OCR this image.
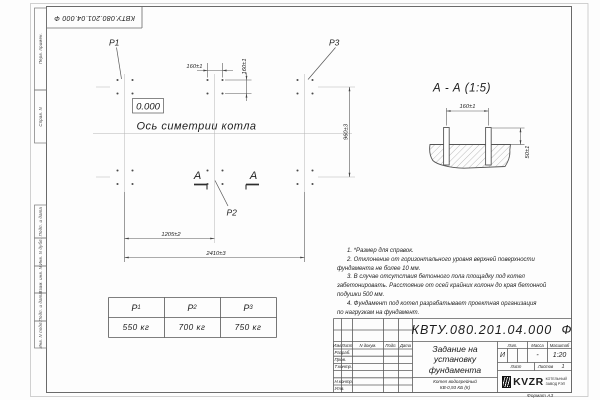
P1	P3
P2
0.000
Ось симетрии котла
А	А
160±1	160±1
960±3
1205±2
2410±3
А - А (1:5)
160±1
50±1
КВТУ.080.201.04.000 Ф
Перв. примен.
Справ. N
Подп. и дата
Инв. N дубл.
Взам. инв. N
Подп. и дата
Инв. N подл.
1. *Размер для справок.
2. Отклонение от горизонтального уровня верхней поверхности
фундамента не более 10 мм.
3. В случае отсутствия бетонного пола площадку под котел
забетонировать. Расстояние от осей крайних колонн до края бетонной
подушки 500 мм.
4. Фундамент под котел разрабатывает проектная организация
по нагрузкам на фундамент.
P 1	P 2	P 3
550 кг	700 кг	750 кг	КВТУ.080.201.04.000  Ф
Изм. Лист	N докум.	Подп. Дата
Разраб.
Пров.
Т.контр.
Н.контр.
Утв.
Задание на
установку
фундамента
Лит.	Масса	Масштаб
И	-	1:20
Лист	Листов	1
Котел водогрейный
КВ-0,93 КБ (К)	KVZR КОТЕЛЬНЫЙ
ЗАВОД РЭП
Формат А3
